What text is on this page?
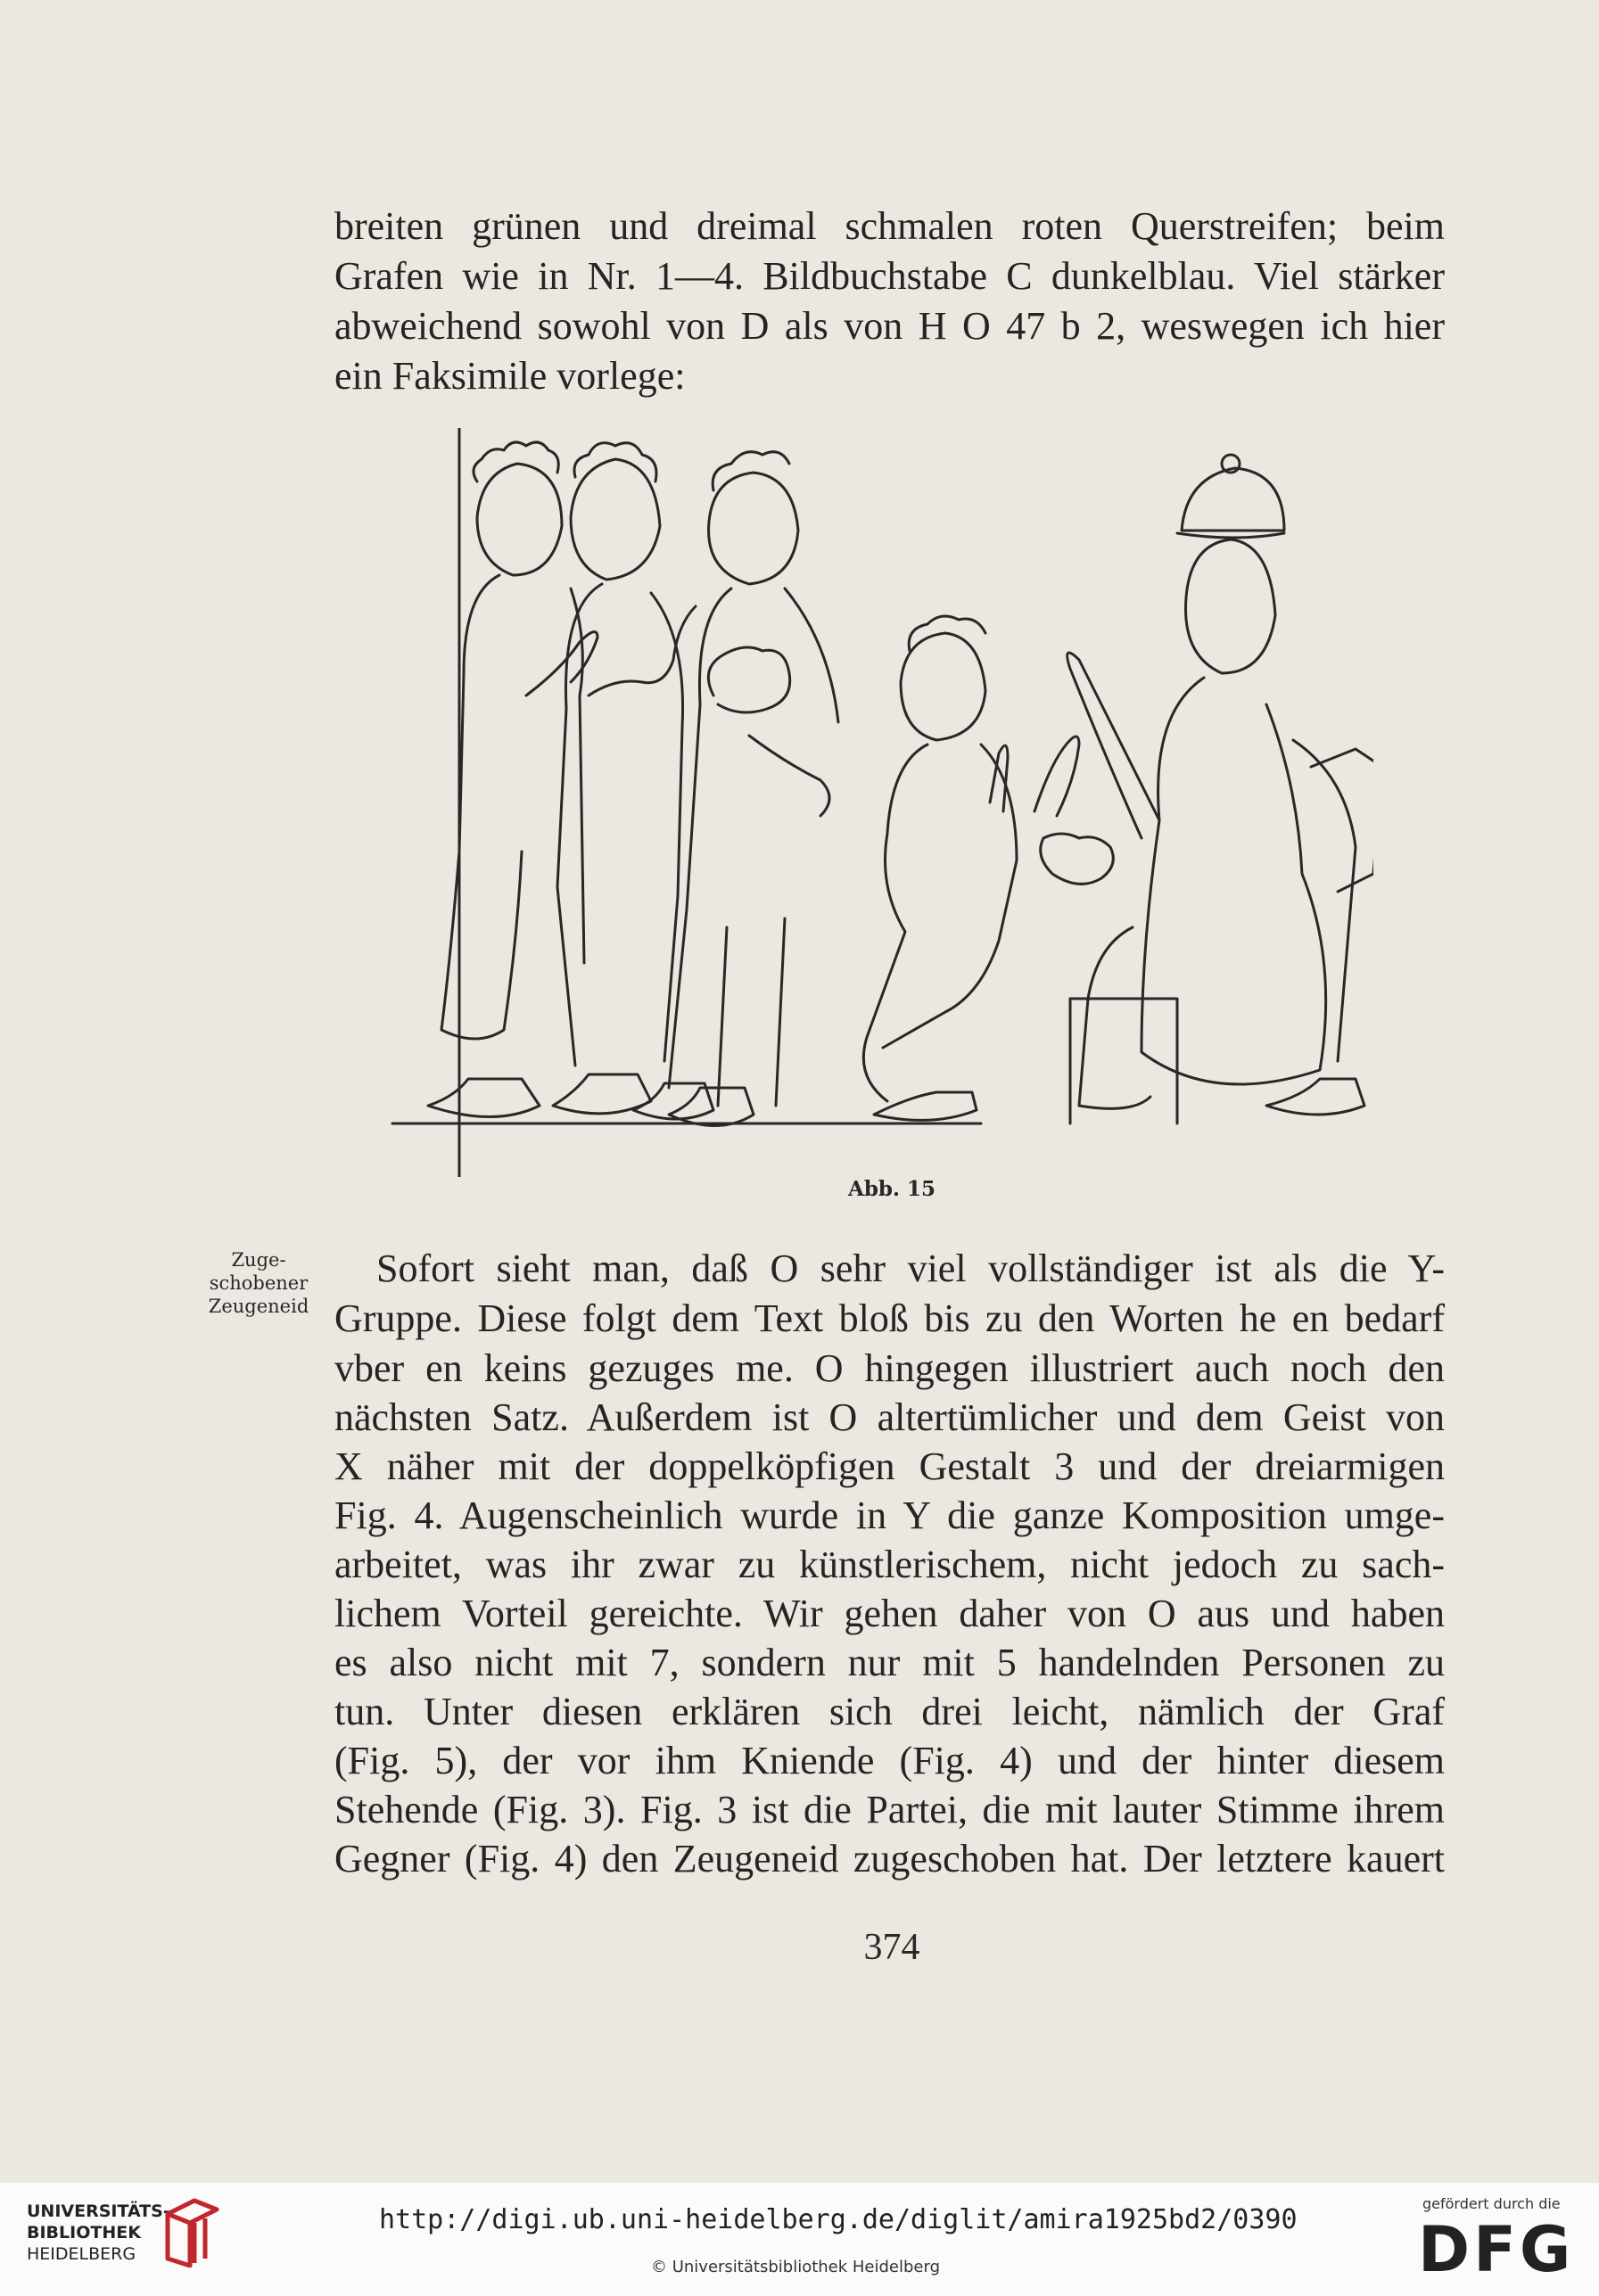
breiten grünen und dreimal schmalen roten Querstreifen; beim
Grafen wie in Nr. 1—4. Bildbuchstabe C dunkelblau. Viel stärker
abweichend sowohl von D als von H O 47 b 2, weswegen ich hier
ein Faksimile vorlege:
Abb. 15
Zuge-
schobener
Zeugeneid
Sofort sieht man, daß O sehr viel vollständiger ist als die Y-
Gruppe. Diese folgt dem Text bloß bis zu den Worten he en bedarf
vber en keins gezuges me. O hingegen illustriert auch noch den
nächsten Satz. Außerdem ist O altertümlicher und dem Geist von
X näher mit der doppelköpfigen Gestalt 3 und der dreiarmigen
Fig. 4. Augenscheinlich wurde in Y die ganze Komposition umge-
arbeitet, was ihr zwar zu künstlerischem, nicht jedoch zu sach-
lichem Vorteil gereichte. Wir gehen daher von O aus und haben
es also nicht mit 7, sondern nur mit 5 handelnden Personen zu
tun. Unter diesen erklären sich drei leicht, nämlich der Graf
(Fig. 5), der vor ihm Kniende (Fig. 4) und der hinter diesem
Stehende (Fig. 3). Fig. 3 ist die Partei, die mit lauter Stimme ihrem
Gegner (Fig. 4) den Zeugeneid zugeschoben hat. Der letztere kauert
374
UNIVERSITÄTS-
BIBLIOTHEK
HEIDELBERG
http://digi.ub.uni-heidelberg.de/diglit/amira1925bd2/0390
© Universitätsbibliothek Heidelberg
gefördert durch die
DFG
